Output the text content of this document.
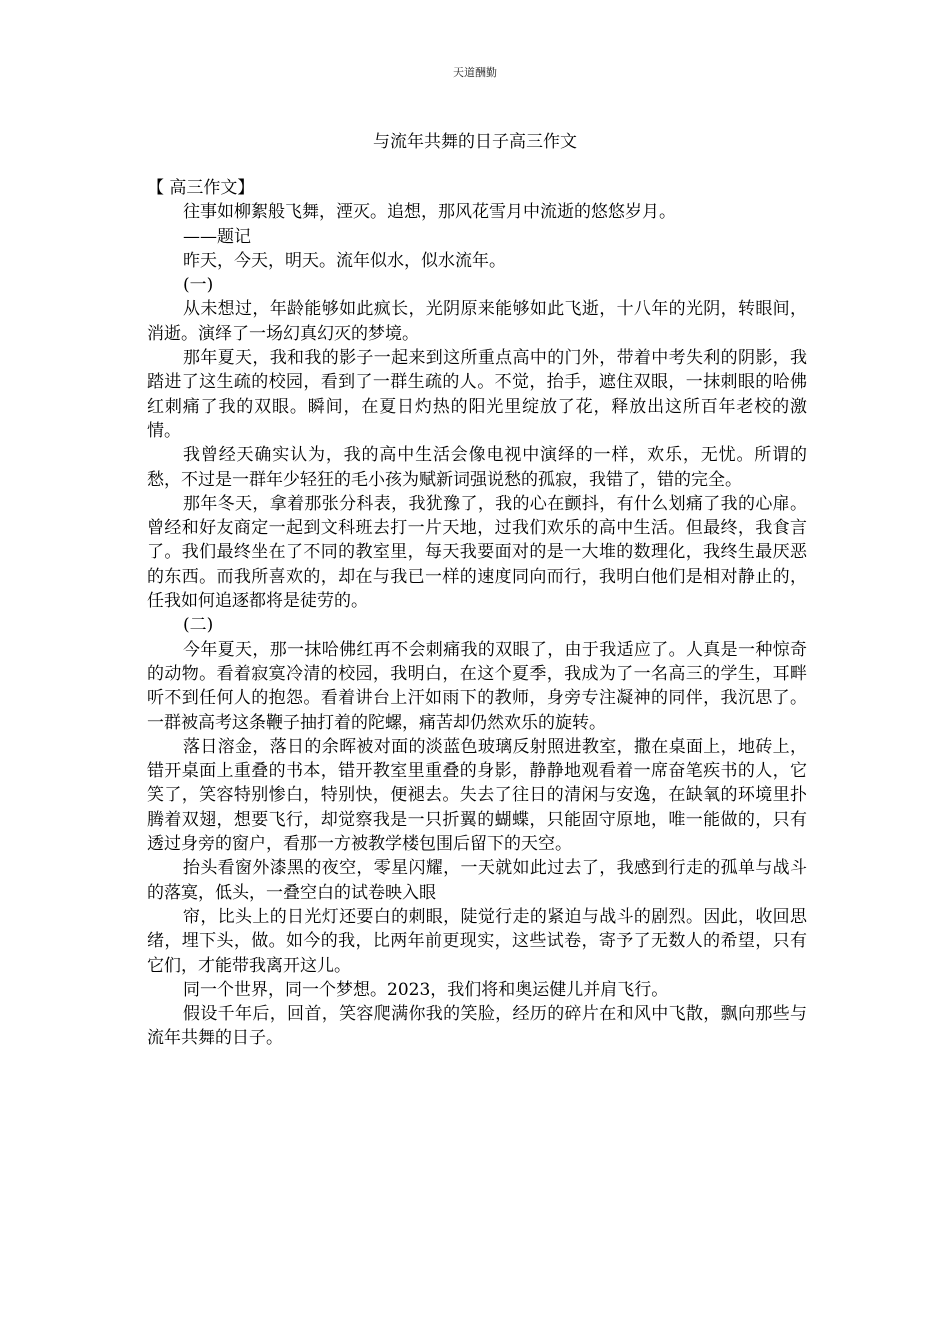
天道酬勤
与流年共舞的日子高三作文

【 高三作文】

往事如柳絮般飞舞，湮灭。追想，那风花雪月中流逝的悠悠岁月。

——题记

昨天，今天，明天。流年似水，似水流年。

(一)

从未想过，年龄能够如此疯长，光阴原来能够如此飞逝，十八年的光阴，转眼间，消逝。演绎了一场幻真幻灭的梦境。

那年夏天，我和我的影子一起来到这所重点高中的门外，带着中考失利的阴影，我踏进了这生疏的校园，看到了一群生疏的人。不觉，抬手，遮住双眼，一抹刺眼的哈佛红刺痛了我的双眼。瞬间，在夏日灼热的阳光里绽放了花，释放出这所百年老校的激情。

我曾经天确实认为，我的高中生活会像电视中演绎的一样，欢乐，无忧。所谓的愁，不过是一群年少轻狂的毛小孩为赋新词强说愁的孤寂，我错了，错的完全。

那年冬天，拿着那张分科表，我犹豫了，我的心在颤抖，有什么划痛了我的心扉。曾经和好友商定一起到文科班去打一片天地，过我们欢乐的高中生活。但最终，我食言了。我们最终坐在了不同的教室里，每天我要面对的是一大堆的数理化，我终生最厌恶的东西。而我所喜欢的，却在与我已一样的速度同向而行，我明白他们是相对静止的，任我如何追逐都将是徒劳的。

(二)

今年夏天，那一抹哈佛红再不会刺痛我的双眼了，由于我适应了。人真是一种惊奇的动物。看着寂寞冷清的校园，我明白，在这个夏季，我成为了一名高三的学生，耳畔听不到任何人的抱怨。看着讲台上汗如雨下的教师，身旁专注凝神的同伴，我沉思了。一群被高考这条鞭子抽打着的陀螺，痛苦却仍然欢乐的旋转。

落日溶金，落日的余晖被对面的淡蓝色玻璃反射照进教室，撒在桌面上，地砖上，错开桌面上重叠的书本，错开教室里重叠的身影，静静地观看着一席奋笔疾书的人，它笑了，笑容特别惨白，特别快，便褪去。失去了往日的清闲与安逸，在缺氧的环境里扑腾着双翅，想要飞行，却觉察我是一只折翼的蝴蝶，只能固守原地，唯一能做的，只有透过身旁的窗户，看那一方被教学楼包围后留下的天空。

抬头看窗外漆黑的夜空，零星闪耀，一天就如此过去了，我感到行走的孤单与战斗的落寞，低头，一叠空白的试卷映入眼

帘，比头上的日光灯还要白的刺眼，陡觉行走的紧迫与战斗的剧烈。因此，收回思绪，埋下头，做。如今的我，比两年前更现实，这些试卷，寄予了无数人的希望，只有它们，才能带我离开这儿。

同一个世界，同一个梦想。2023，我们将和奥运健儿并肩飞行。

假设千年后，回首，笑容爬满你我的笑脸，经历的碎片在和风中飞散，飘向那些与流年共舞的日子。
